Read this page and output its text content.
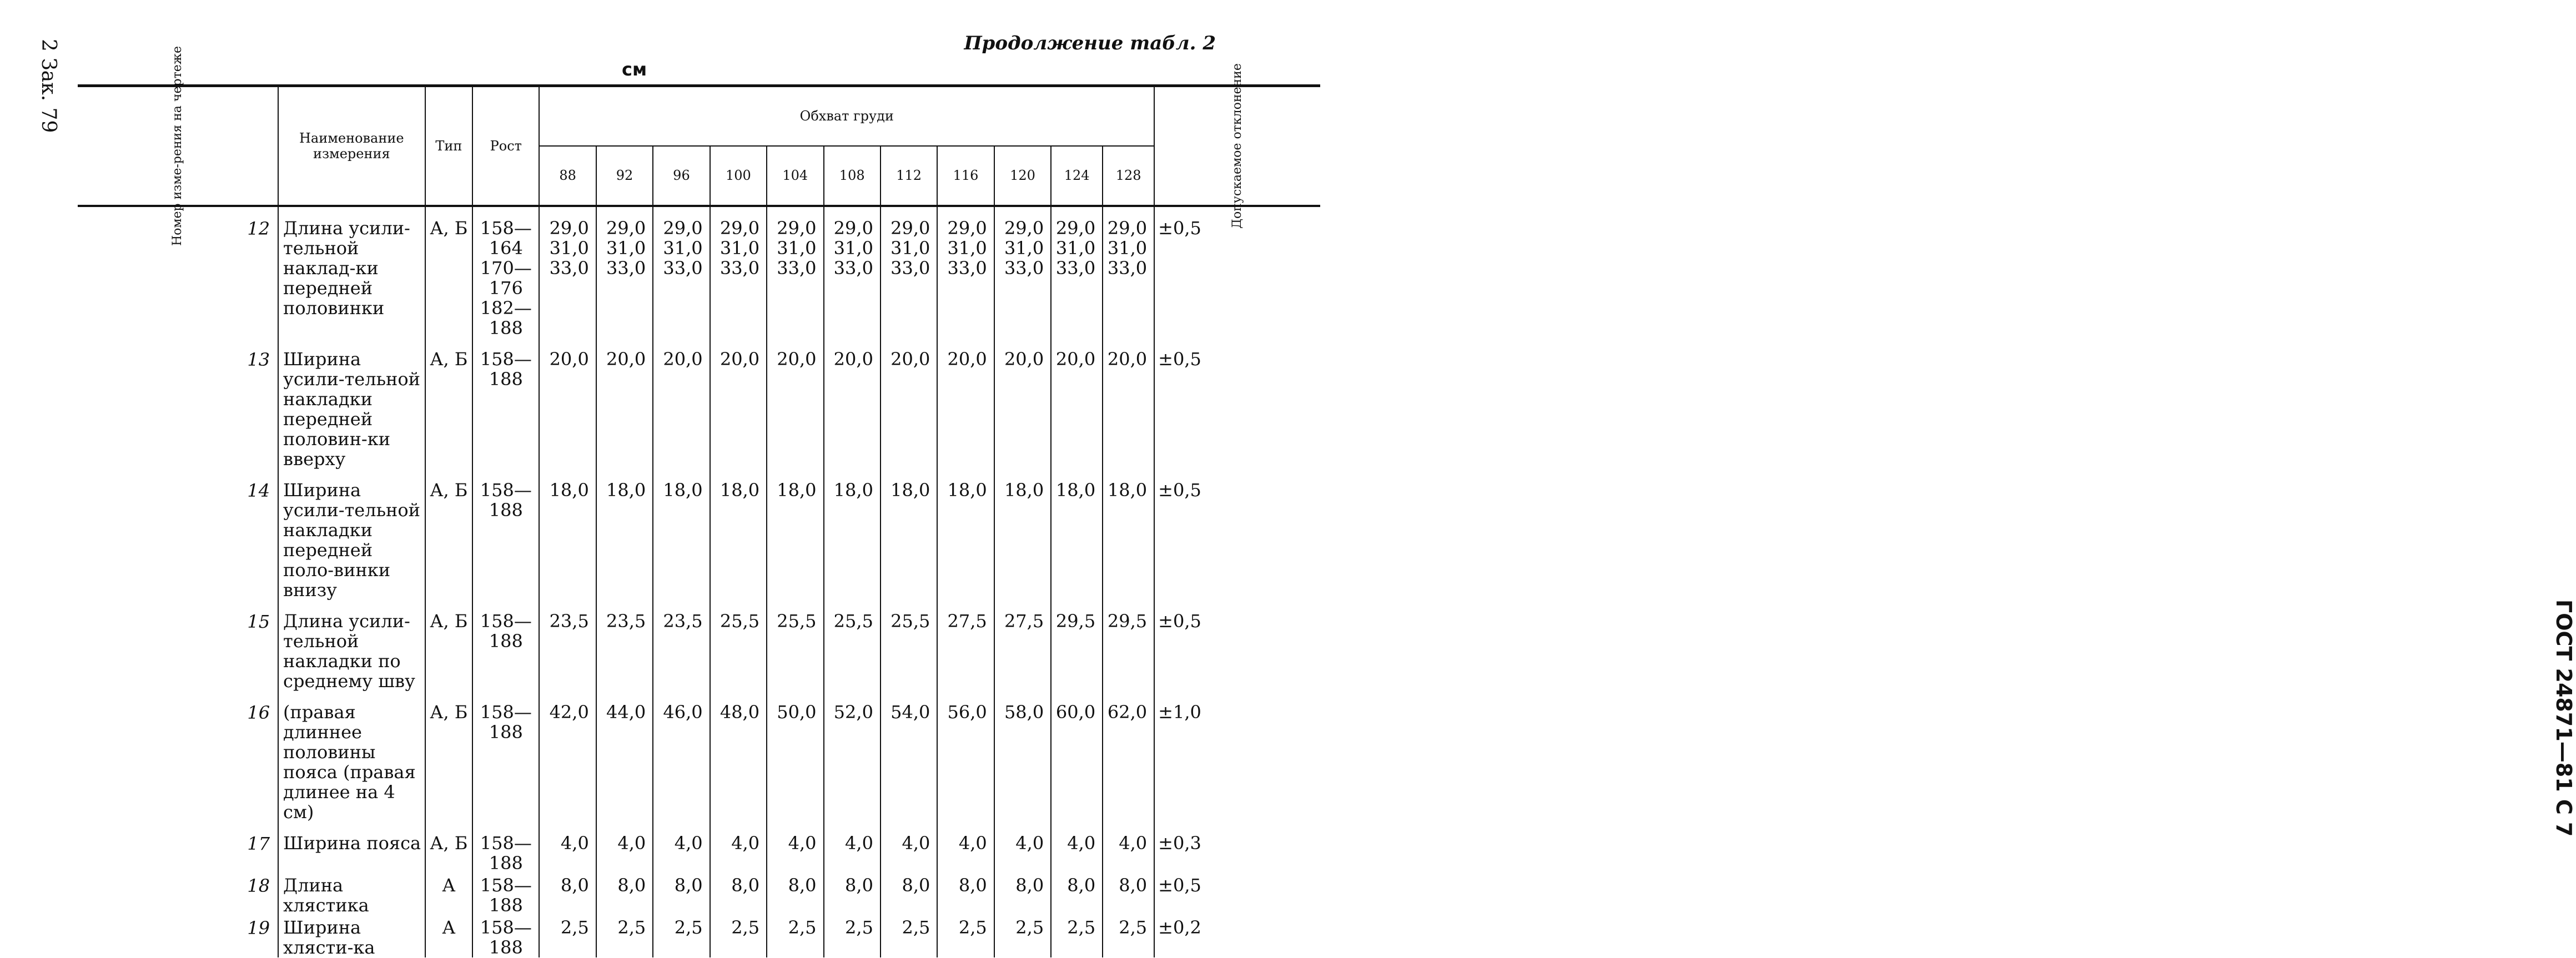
2 Зак. 79
ГОСТ 24871—81 С 7
Продолжение табл. 2
см
Номер изме-рения на чертеже	Наименование измерения	Тип	Рост	Обхват груди											Допускаемое отклонение

				88	92	96	100	104	108	112	116	120	124	128	
12	Длина усили-тельной наклад-ки передней половинки	А, Б	158—164 170—176 182—188	29,0 31,0 33,0	29,0 31,0 33,0	29,0 31,0 33,0	29,0 31,0 33,0	29,0 31,0 33,0	29,0 31,0 33,0	29,0 31,0 33,0	29,0 31,0 33,0	29,0 31,0 33,0	29,0 31,0 33,0	29,0 31,0 33,0	±0,5
13	Ширина усили-тельной накладки передней половин-ки вверху	А, Б	158—188	20,0	20,0	20,0	20,0	20,0	20,0	20,0	20,0	20,0	20,0	20,0	±0,5
14	Ширина усили-тельной накладки передней поло-винки внизу	А, Б	158—188	18,0	18,0	18,0	18,0	18,0	18,0	18,0	18,0	18,0	18,0	18,0	±0,5
15	Длина усили-тельной накладки по среднему шву	А, Б	158—188	23,5	23,5	23,5	25,5	25,5	25,5	25,5	27,5	27,5	29,5	29,5	±0,5
16	(правая длиннее половины пояса (правая длинее на 4 см)	А, Б	158—188	42,0	44,0	46,0	48,0	50,0	52,0	54,0	56,0	58,0	60,0	62,0	±1,0
17	Ширина пояса	А, Б	158—188	4,0	4,0	4,0	4,0	4,0	4,0	4,0	4,0	4,0	4,0	4,0	±0,3
18	Длина хлястика	А	158—188	8,0	8,0	8,0	8,0	8,0	8,0	8,0	8,0	8,0	8,0	8,0	±0,5
19	Ширина хлясти-ка	А	158—188	2,5	2,5	2,5	2,5	2,5	2,5	2,5	2,5	2,5	2,5	2,5	±0,2
